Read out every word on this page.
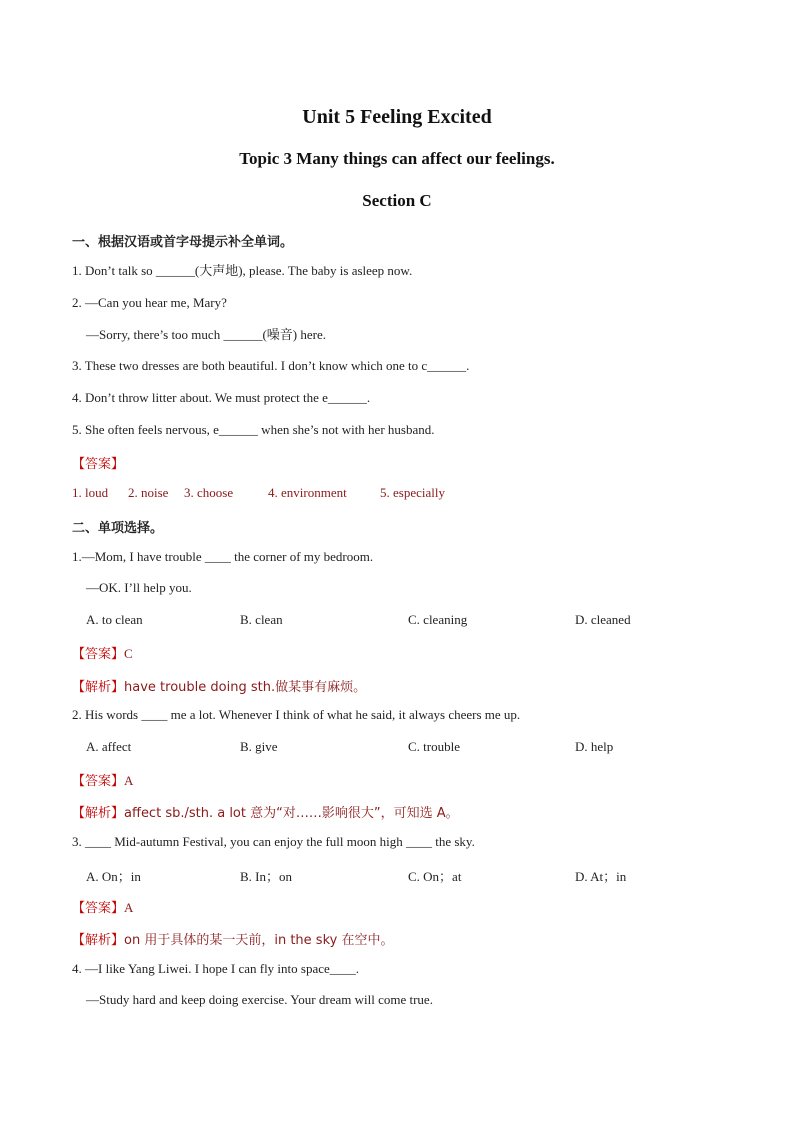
Unit 5 Feeling Excited
Topic 3 Many things can affect our feelings.
Section C
一、根据汉语或首字母提示补全单词。
1. Don’t talk so ______(大声地), please. The baby is asleep now.
2. —Can you hear me, Mary?
—Sorry, there’s too much ______(噪音) here.
3. These two dresses are both beautiful. I don’t know which one to c______.
4. Don’t throw litter about. We must protect the e______.
5. She often feels nervous, e______ when she’s not with her husband.
【答案】
1. loud 2. noise 3. choose	4. environment	5. especially
二、单项选择。
1.—Mom, I have trouble ____ the corner of my bedroom.
—OK. I’ll help you.
A. to clean	B. clean	C. cleaning	D. cleaned
【答案】C
【解析】have trouble doing sth.做某事有麻烦。
2. His words ____ me a lot. Whenever I think of what he said, it always cheers me up.
A. affect	B. give	C. trouble	D. help
【答案】A
【解析】affect sb./sth. a lot 意为“对……影响很大”，可知选 A。
3. ____ Mid-autumn Festival, you can enjoy the full moon high ____ the sky.
A. On；in	B. In；on	C. On；at	D. At；in
【答案】A
【解析】on 用于具体的某一天前，in the sky 在空中。
4. —I like Yang Liwei. I hope I can fly into space____.
—Study hard and keep doing exercise. Your dream will come true.
